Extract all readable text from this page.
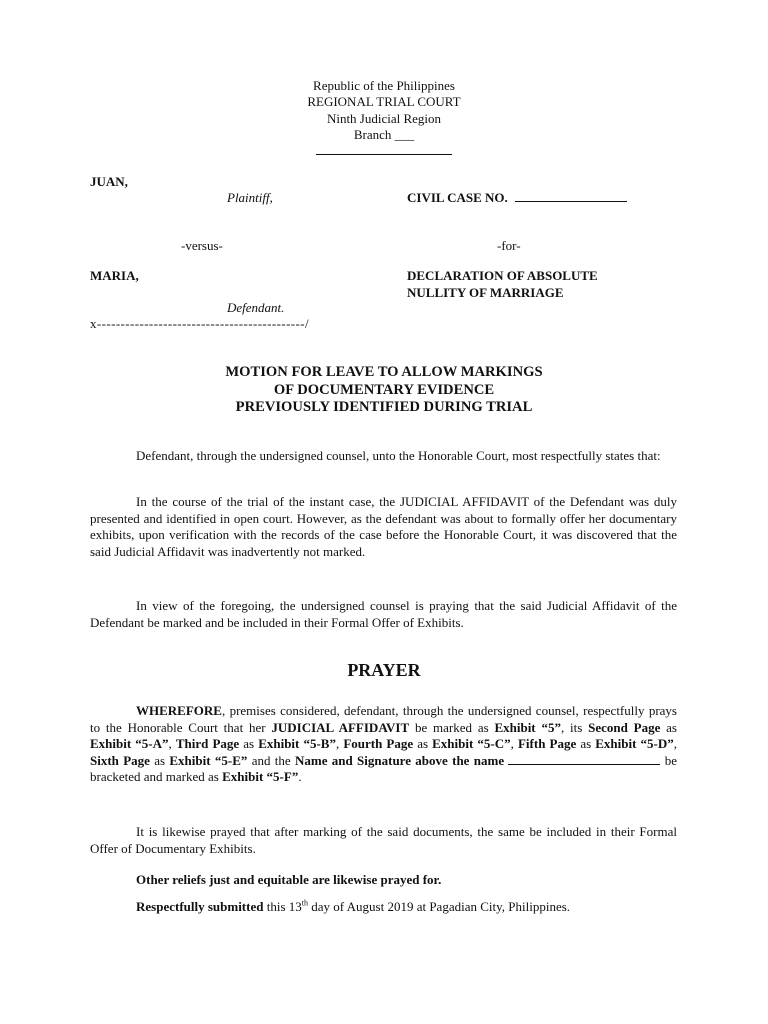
Republic of the Philippines
REGIONAL TRIAL COURT
Ninth Judicial Region
Branch ___
JUAN,
Plaintiff,	CIVIL CASE NO.
-versus-	-for-
MARIA,	DECLARATION OF ABSOLUTE
NULLITY OF MARRIAGE
Defendant.
x--------------------------------------------/
MOTION FOR LEAVE TO ALLOW MARKINGS
OF DOCUMENTARY EVIDENCE
PREVIOUSLY IDENTIFIED DURING TRIAL

Defendant, through the undersigned counsel, unto the Honorable Court, most respectfully states that:

In the course of the trial of the instant case, the JUDICIAL AFFIDAVIT of the Defendant was duly presented and identified in open court. However, as the defendant was about to formally offer her documentary exhibits, upon verification with the records of the case before the Honorable Court, it was discovered that the said Judicial Affidavit was inadvertently not marked.

In view of the foregoing, the undersigned counsel is praying that the said Judicial Affidavit of the Defendant be marked and be included in their Formal Offer of Exhibits.

PRAYER

WHEREFORE, premises considered, defendant, through the undersigned counsel, respectfully prays to the Honorable Court that her JUDICIAL AFFIDAVIT be marked as Exhibit “5”, its Second Page as Exhibit “5-A”, Third Page as Exhibit “5-B”, Fourth Page as Exhibit “5-C”, Fifth Page as Exhibit “5-D”, Sixth Page as Exhibit “5-E” and the Name and Signature above the name	be bracketed and marked as Exhibit “5-F”.

It is likewise prayed that after marking of the said documents, the same be included in their Formal Offer of Documentary Exhibits.

Other reliefs just and equitable are likewise prayed for.

Respectfully submitted this 13th day of August 2019 at Pagadian City, Philippines.
